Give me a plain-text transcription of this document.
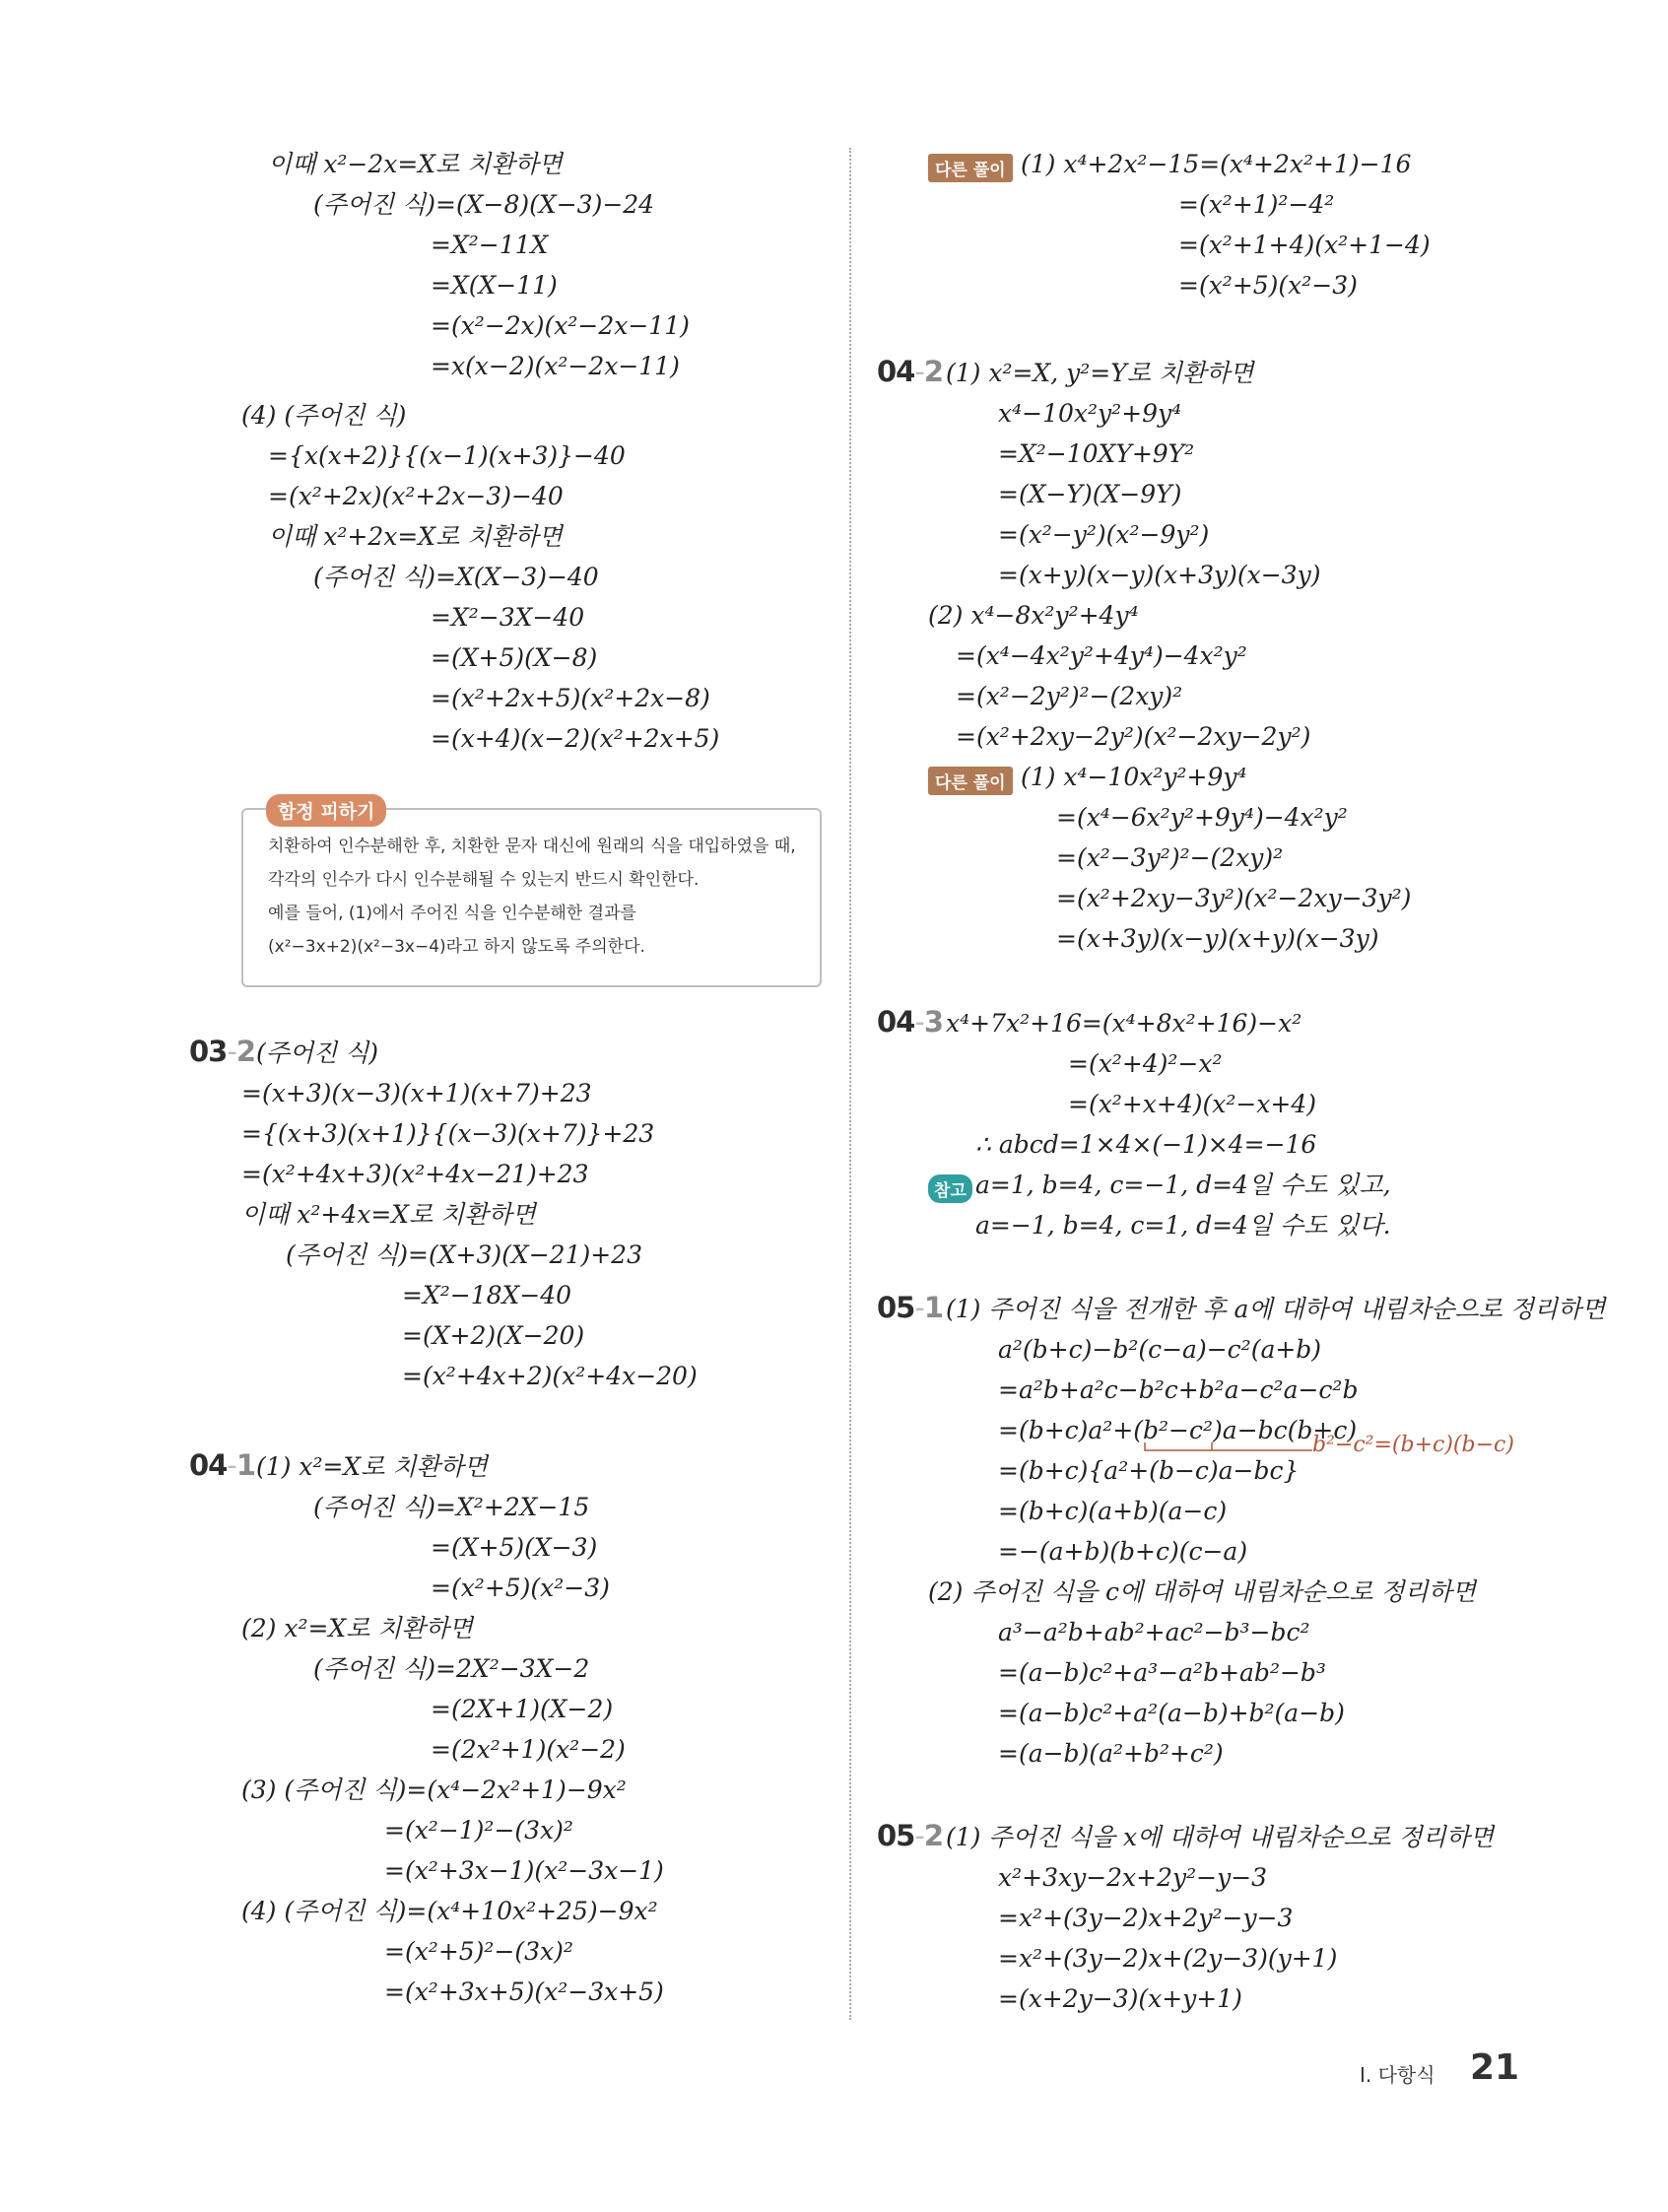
이때 x²−2x=X로 치환하면
(주어진 식)=(X−8)(X−3)−24
=X²−11X
=X(X−11)
=(x²−2x)(x²−2x−11)
=x(x−2)(x²−2x−11)
(4) (주어진 식)
={x(x+2)}{(x−1)(x+3)}−40
=(x²+2x)(x²+2x−3)−40
이때 x²+2x=X로 치환하면
(주어진 식)=X(X−3)−40
=X²−3X−40
=(X+5)(X−8)
=(x²+2x+5)(x²+2x−8)
=(x+4)(x−2)(x²+2x+5)
함정 피하기
치환하여 인수분해한 후, 치환한 문자 대신에 원래의 식을 대입하였을 때,
각각의 인수가 다시 인수분해될 수 있는지 반드시 확인한다.
예를 들어, (1)에서 주어진 식을 인수분해한 결과를
(x²−3x+2)(x²−3x−4)라고 하지 않도록 주의한다.
03-2 (주어진 식)
=(x+3)(x−3)(x+1)(x+7)+23
={(x+3)(x+1)}{(x−3)(x+7)}+23
=(x²+4x+3)(x²+4x−21)+23
이때 x²+4x=X로 치환하면
(주어진 식)=(X+3)(X−21)+23
=X²−18X−40
=(X+2)(X−20)
=(x²+4x+2)(x²+4x−20)
04-1 (1) x²=X로 치환하면
(주어진 식)=X²+2X−15
=(X+5)(X−3)
=(x²+5)(x²−3)
(2) x²=X로 치환하면
(주어진 식)=2X²−3X−2
=(2X+1)(X−2)
=(2x²+1)(x²−2)
(3) (주어진 식)=(x⁴−2x²+1)−9x²
=(x²−1)²−(3x)²
=(x²+3x−1)(x²−3x−1)
(4) (주어진 식)=(x⁴+10x²+25)−9x²
=(x²+5)²−(3x)²
=(x²+3x+5)(x²−3x+5)
다른 풀이 (1) x⁴+2x²−15=(x⁴+2x²+1)−16
=(x²+1)²−4²
=(x²+1+4)(x²+1−4)
=(x²+5)(x²−3)
04-2 (1) x²=X, y²=Y로 치환하면
x⁴−10x²y²+9y⁴
=X²−10XY+9Y²
=(X−Y)(X−9Y)
=(x²−y²)(x²−9y²)
=(x+y)(x−y)(x+3y)(x−3y)
(2) x⁴−8x²y²+4y⁴
=(x⁴−4x²y²+4y⁴)−4x²y²
=(x²−2y²)²−(2xy)²
=(x²+2xy−2y²)(x²−2xy−2y²)
다른 풀이 (1) x⁴−10x²y²+9y⁴
=(x⁴−6x²y²+9y⁴)−4x²y²
=(x²−3y²)²−(2xy)²
=(x²+2xy−3y²)(x²−2xy−3y²)
=(x+3y)(x−y)(x+y)(x−3y)
04-3 x⁴+7x²+16=(x⁴+8x²+16)−x²
=(x²+4)²−x²
=(x²+x+4)(x²−x+4)
∴ abcd=1×4×(−1)×4=−16
참고 a=1, b=4, c=−1, d=4일 수도 있고,
a=−1, b=4, c=1, d=4일 수도 있다.
05-1 (1) 주어진 식을 전개한 후 a에 대하여 내림차순으로 정리하면
a²(b+c)−b²(c−a)−c²(a+b)
=a²b+a²c−b²c+b²a−c²a−c²b
=(b+c)a²+(b²−c²)a−bc(b+c)
=(b+c){a²+(b−c)a−bc}
=(b+c)(a+b)(a−c)
=−(a+b)(b+c)(c−a)
(2) 주어진 식을 c에 대하여 내림차순으로 정리하면
a³−a²b+ab²+ac²−b³−bc²
=(a−b)c²+a³−a²b+ab²−b³
=(a−b)c²+a²(a−b)+b²(a−b)
=(a−b)(a²+b²+c²)
b²−c²=(b+c)(b−c)
05-2 (1) 주어진 식을 x에 대하여 내림차순으로 정리하면
x²+3xy−2x+2y²−y−3
=x²+(3y−2)x+2y²−y−3
=x²+(3y−2)x+(2y−3)(y+1)
=(x+2y−3)(x+y+1)
Ⅰ. 다항식 21
